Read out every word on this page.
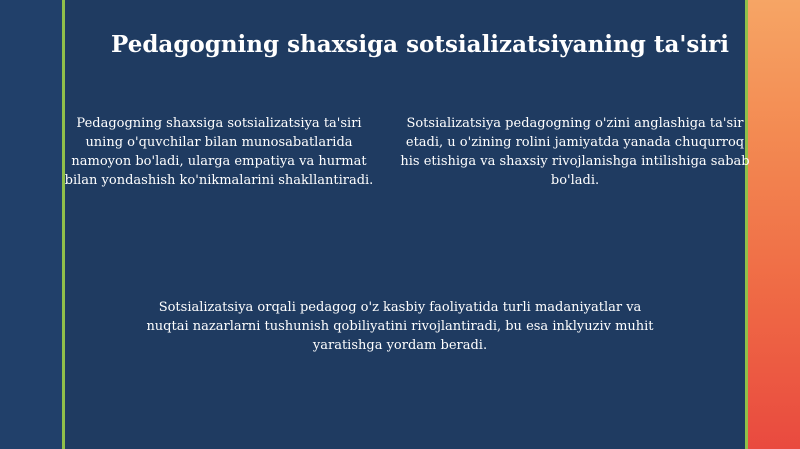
Pedagogning shaxsiga sotsializatsiyaning ta'siri

Pedagogning shaxsiga sotsializatsiya ta'siri uning o'quvchilar bilan munosabatlarida namoyon bo'ladi, ularga empatiya va hurmat bilan yondashish ko'nikmalarini shakllantiradi.

Sotsializatsiya pedagogning o'zini anglashiga ta'sir etadi, u o'zining rolini jamiyatda yanada chuqurroq his etishiga va shaxsiy rivojlanishga intilishiga sabab bo'ladi.

Sotsializatsiya orqali pedagog o'z kasbiy faoliyatida turli madaniyatlar va nuqtai nazarlarni tushunish qobiliyatini rivojlantiradi, bu esa inklyuziv muhit yaratishga yordam beradi.
